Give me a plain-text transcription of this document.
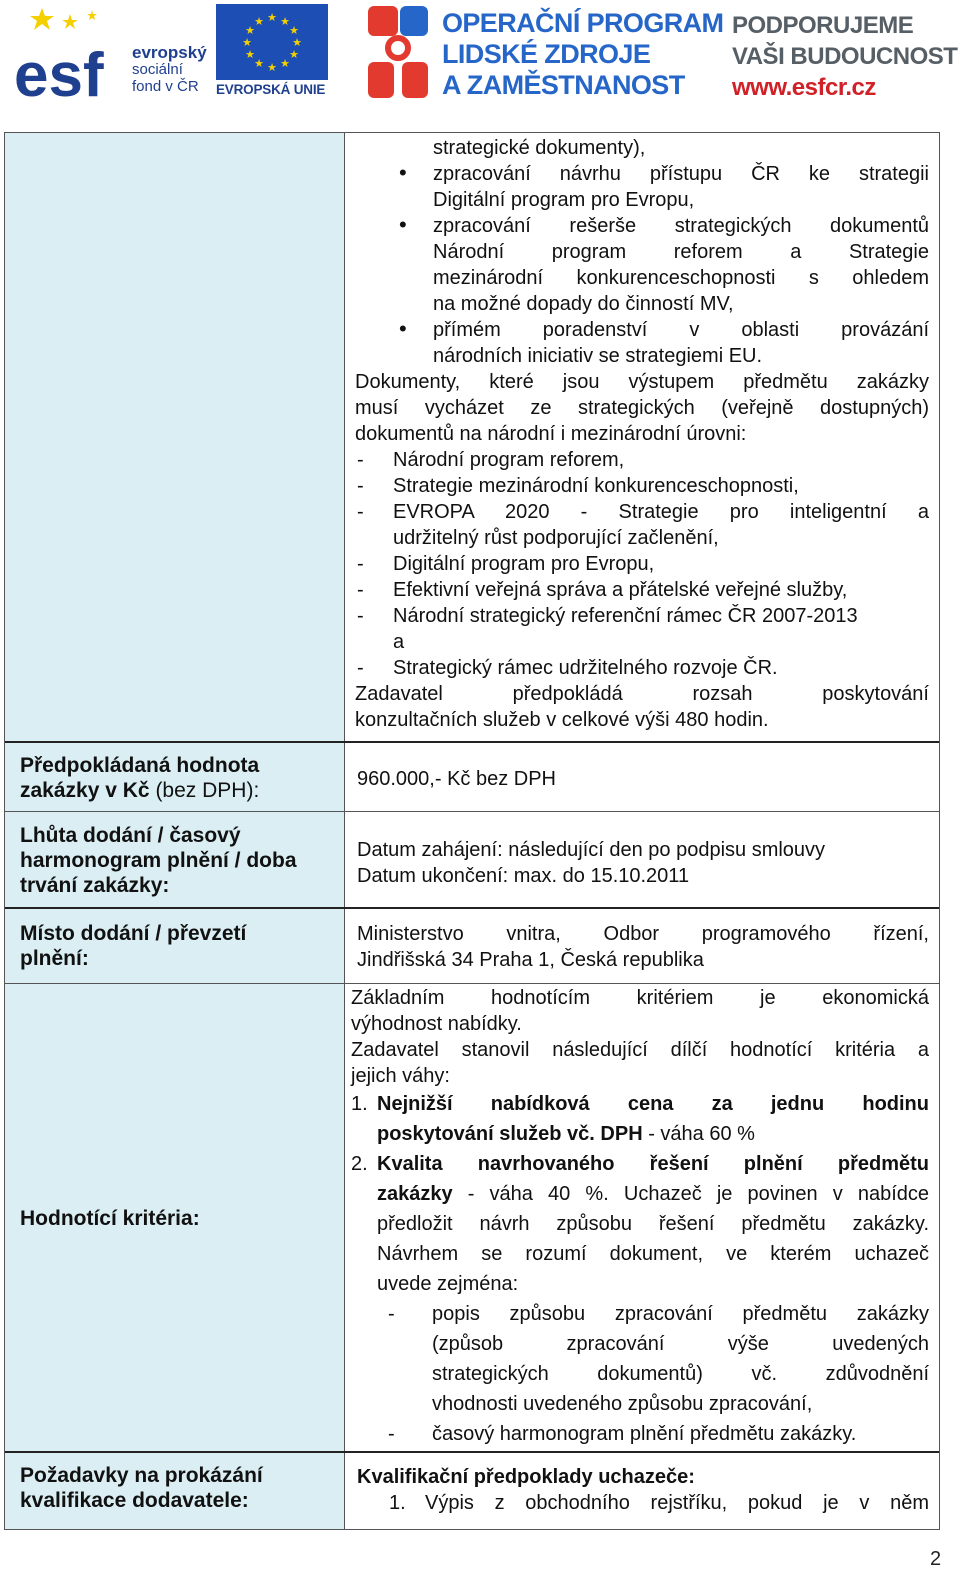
esf evropský
sociální
fond v ČR
★ ★
★
★
★
★
★
★
★
★
★
★
EVROPSKÁ UNIE
OPERAČNÍ PROGRAM
LIDSKÉ ZDROJE
A ZAMĚSTNANOST
PODPORUJEME
VAŠI BUDOUCNOST
www.esfcr.cz
strategické dokumenty),
• zpracování návrhu přístupu ČR ke strategii
Digitální program pro Evropu,
• zpracování rešerše strategických dokumentů
Národní program reforem a Strategie
mezinárodní konkurenceschopnosti s ohledem
na možné dopady do činností MV,
• přímém poradenství v oblasti provázání
národních iniciativ se strategiemi EU.
Dokumenty, které jsou výstupem předmětu zakázky
musí vycházet ze strategických (veřejně dostupných)
dokumentů na národní i mezinárodní úrovni:
- Národní program reforem,
- Strategie mezinárodní konkurenceschopnosti,
- EVROPA 2020 - Strategie pro inteligentní a
udržitelný růst podporující začlenění,
- Digitální program pro Evropu,
- Efektivní veřejná správa a přátelské veřejné služby,
- Národní strategický referenční rámec ČR 2007-2013
a
- Strategický rámec udržitelného rozvoje ČR.
Zadavatel předpokládá rozsah poskytování
konzultačních služeb v celkové výši 480 hodin.
Předpokládaná hodnota
zakázky v Kč (bez DPH):	960.000,- Kč bez DPH
Lhůta dodání / časový
harmonogram plnění / doba
trvání zakázky:
Datum zahájení: následující den po podpisu smlouvy
Datum ukončení: max. do 15.10.2011
Místo dodání / převzetí
plnění:
Ministerstvo vnitra, Odbor programového řízení,
Jindřišská 34 Praha 1, Česká republika
Hodnotící kritéria:
Základním hodnotícím kritériem je ekonomická
výhodnost nabídky.
Zadavatel stanovil následující dílčí hodnotící kritéria a
jejich váhy:
1. Nejnižší nabídková cena za jednu hodinu
poskytování služeb vč. DPH - váha 60 %
2. Kvalita navrhovaného řešení plnění předmětu
zakázky - váha 40 %. Uchazeč je povinen v nabídce
předložit návrh způsobu řešení předmětu zakázky.
Návrhem se rozumí dokument, ve kterém uchazeč
uvede zejména:
- popis způsobu zpracování předmětu zakázky
(způsob zpracování výše uvedených
strategických dokumentů) vč. zdůvodnění
vhodnosti uvedeného způsobu zpracování,
- časový harmonogram plnění předmětu zakázky.
Požadavky na prokázání
kvalifikace dodavatele:
Kvalifikační předpoklady uchazeče:
1. Výpis z obchodního rejstříku, pokud je v něm
2
